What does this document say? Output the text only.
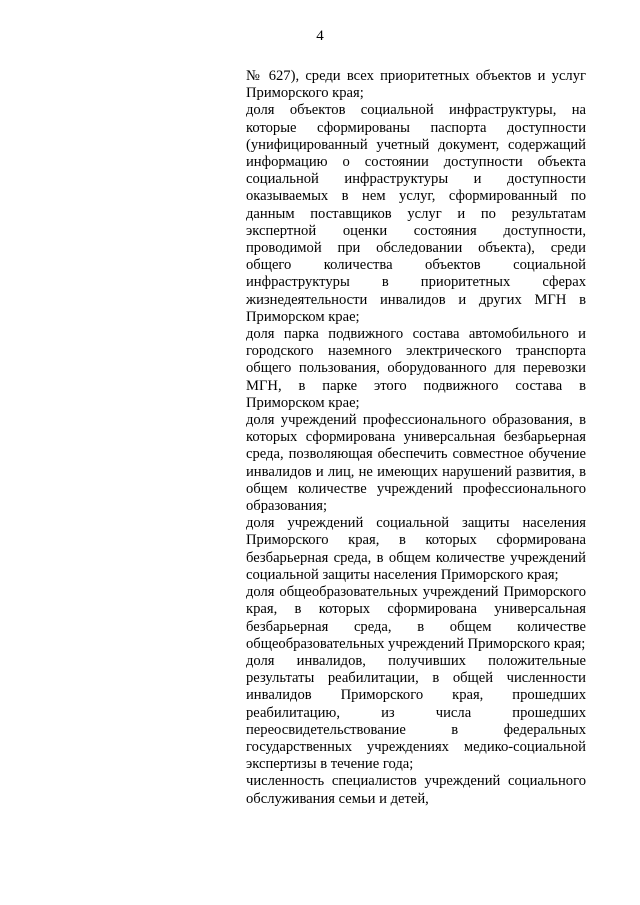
4

№ 627), среди всех приоритетных объектов и услуг Приморского края;

доля объектов социальной инфраструктуры, на которые сформированы паспорта доступности (унифицированный учетный документ, содержащий информацию о состоянии доступности объекта социальной инфраструктуры и доступности оказываемых в нем услуг, сформированный по данным поставщиков услуг и по результатам экспертной оценки состояния доступности, проводимой при обследовании объекта), среди общего количества объектов социальной инфраструктуры в приоритетных сферах жизнедеятельности инвалидов и других МГН в Приморском крае;

доля парка подвижного состава автомобильного и городского наземного электрического транспорта общего пользования, оборудованного для перевозки МГН, в парке этого подвижного состава в Приморском крае;

доля учреждений профессионального образования, в которых сформирована универсальная безбарьерная среда, позволяющая обеспечить совместное обучение инвалидов и лиц, не имеющих нарушений развития, в общем количестве учреждений профессионального образования;

доля учреждений социальной защиты населения Приморского края, в которых сформирована безбарьерная среда, в общем количестве учреждений социальной защиты населения Приморского края;

доля общеобразовательных учреждений Приморского края, в которых сформирована универсальная безбарьерная среда, в общем количестве общеобразовательных учреждений Приморского края;

доля инвалидов, получивших положительные результаты реабилитации, в общей численности инвалидов Приморского края, прошедших реабилитацию, из числа прошедших переосвидетельствование в федеральных государственных учреждениях медико-социальной экспертизы в течение года;

численность специалистов учреждений социального обслуживания семьи и детей,
